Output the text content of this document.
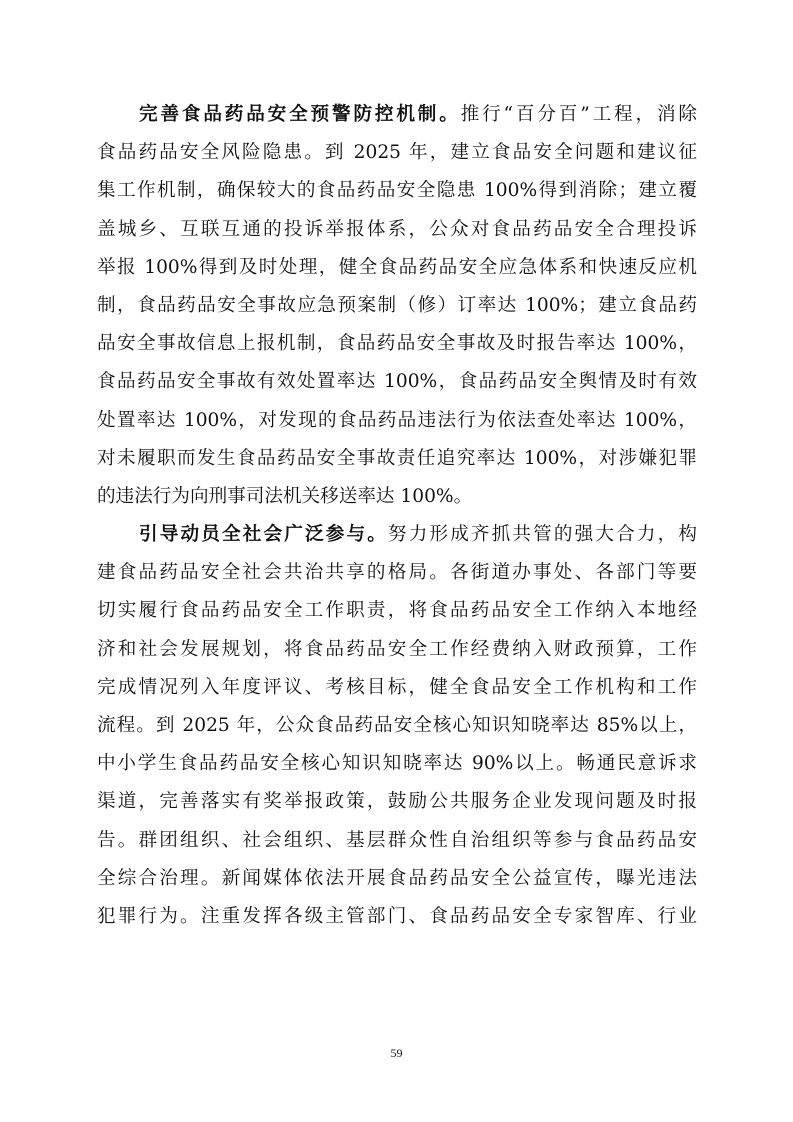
完善食品药品安全预警防控机制。推行“百分百”工程，消除
食品药品安全风险隐患。到 2025 年，建立食品安全问题和建议征
集工作机制，确保较大的食品药品安全隐患 100%得到消除；建立覆
盖城乡、互联互通的投诉举报体系，公众对食品药品安全合理投诉
举报 100%得到及时处理，健全食品药品安全应急体系和快速反应机
制，食品药品安全事故应急预案制（修）订率达 100%；建立食品药
品安全事故信息上报机制，食品药品安全事故及时报告率达 100%，
食品药品安全事故有效处置率达 100%，食品药品安全舆情及时有效
处置率达 100%，对发现的食品药品违法行为依法查处率达 100%，
对未履职而发生食品药品安全事故责任追究率达 100%，对涉嫌犯罪
的违法行为向刑事司法机关移送率达 100%。
引导动员全社会广泛参与。努力形成齐抓共管的强大合力，构
建食品药品安全社会共治共享的格局。各街道办事处、各部门等要
切实履行食品药品安全工作职责，将食品药品安全工作纳入本地经
济和社会发展规划，将食品药品安全工作经费纳入财政预算，工作
完成情况列入年度评议、考核目标，健全食品安全工作机构和工作
流程。到 2025 年，公众食品药品安全核心知识知晓率达 85%以上，
中小学生食品药品安全核心知识知晓率达 90%以上。畅通民意诉求
渠道，完善落实有奖举报政策，鼓励公共服务企业发现问题及时报
告。群团组织、社会组织、基层群众性自治组织等参与食品药品安
全综合治理。新闻媒体依法开展食品药品安全公益宣传，曝光违法
犯罪行为。注重发挥各级主管部门、食品药品安全专家智库、行业
59
